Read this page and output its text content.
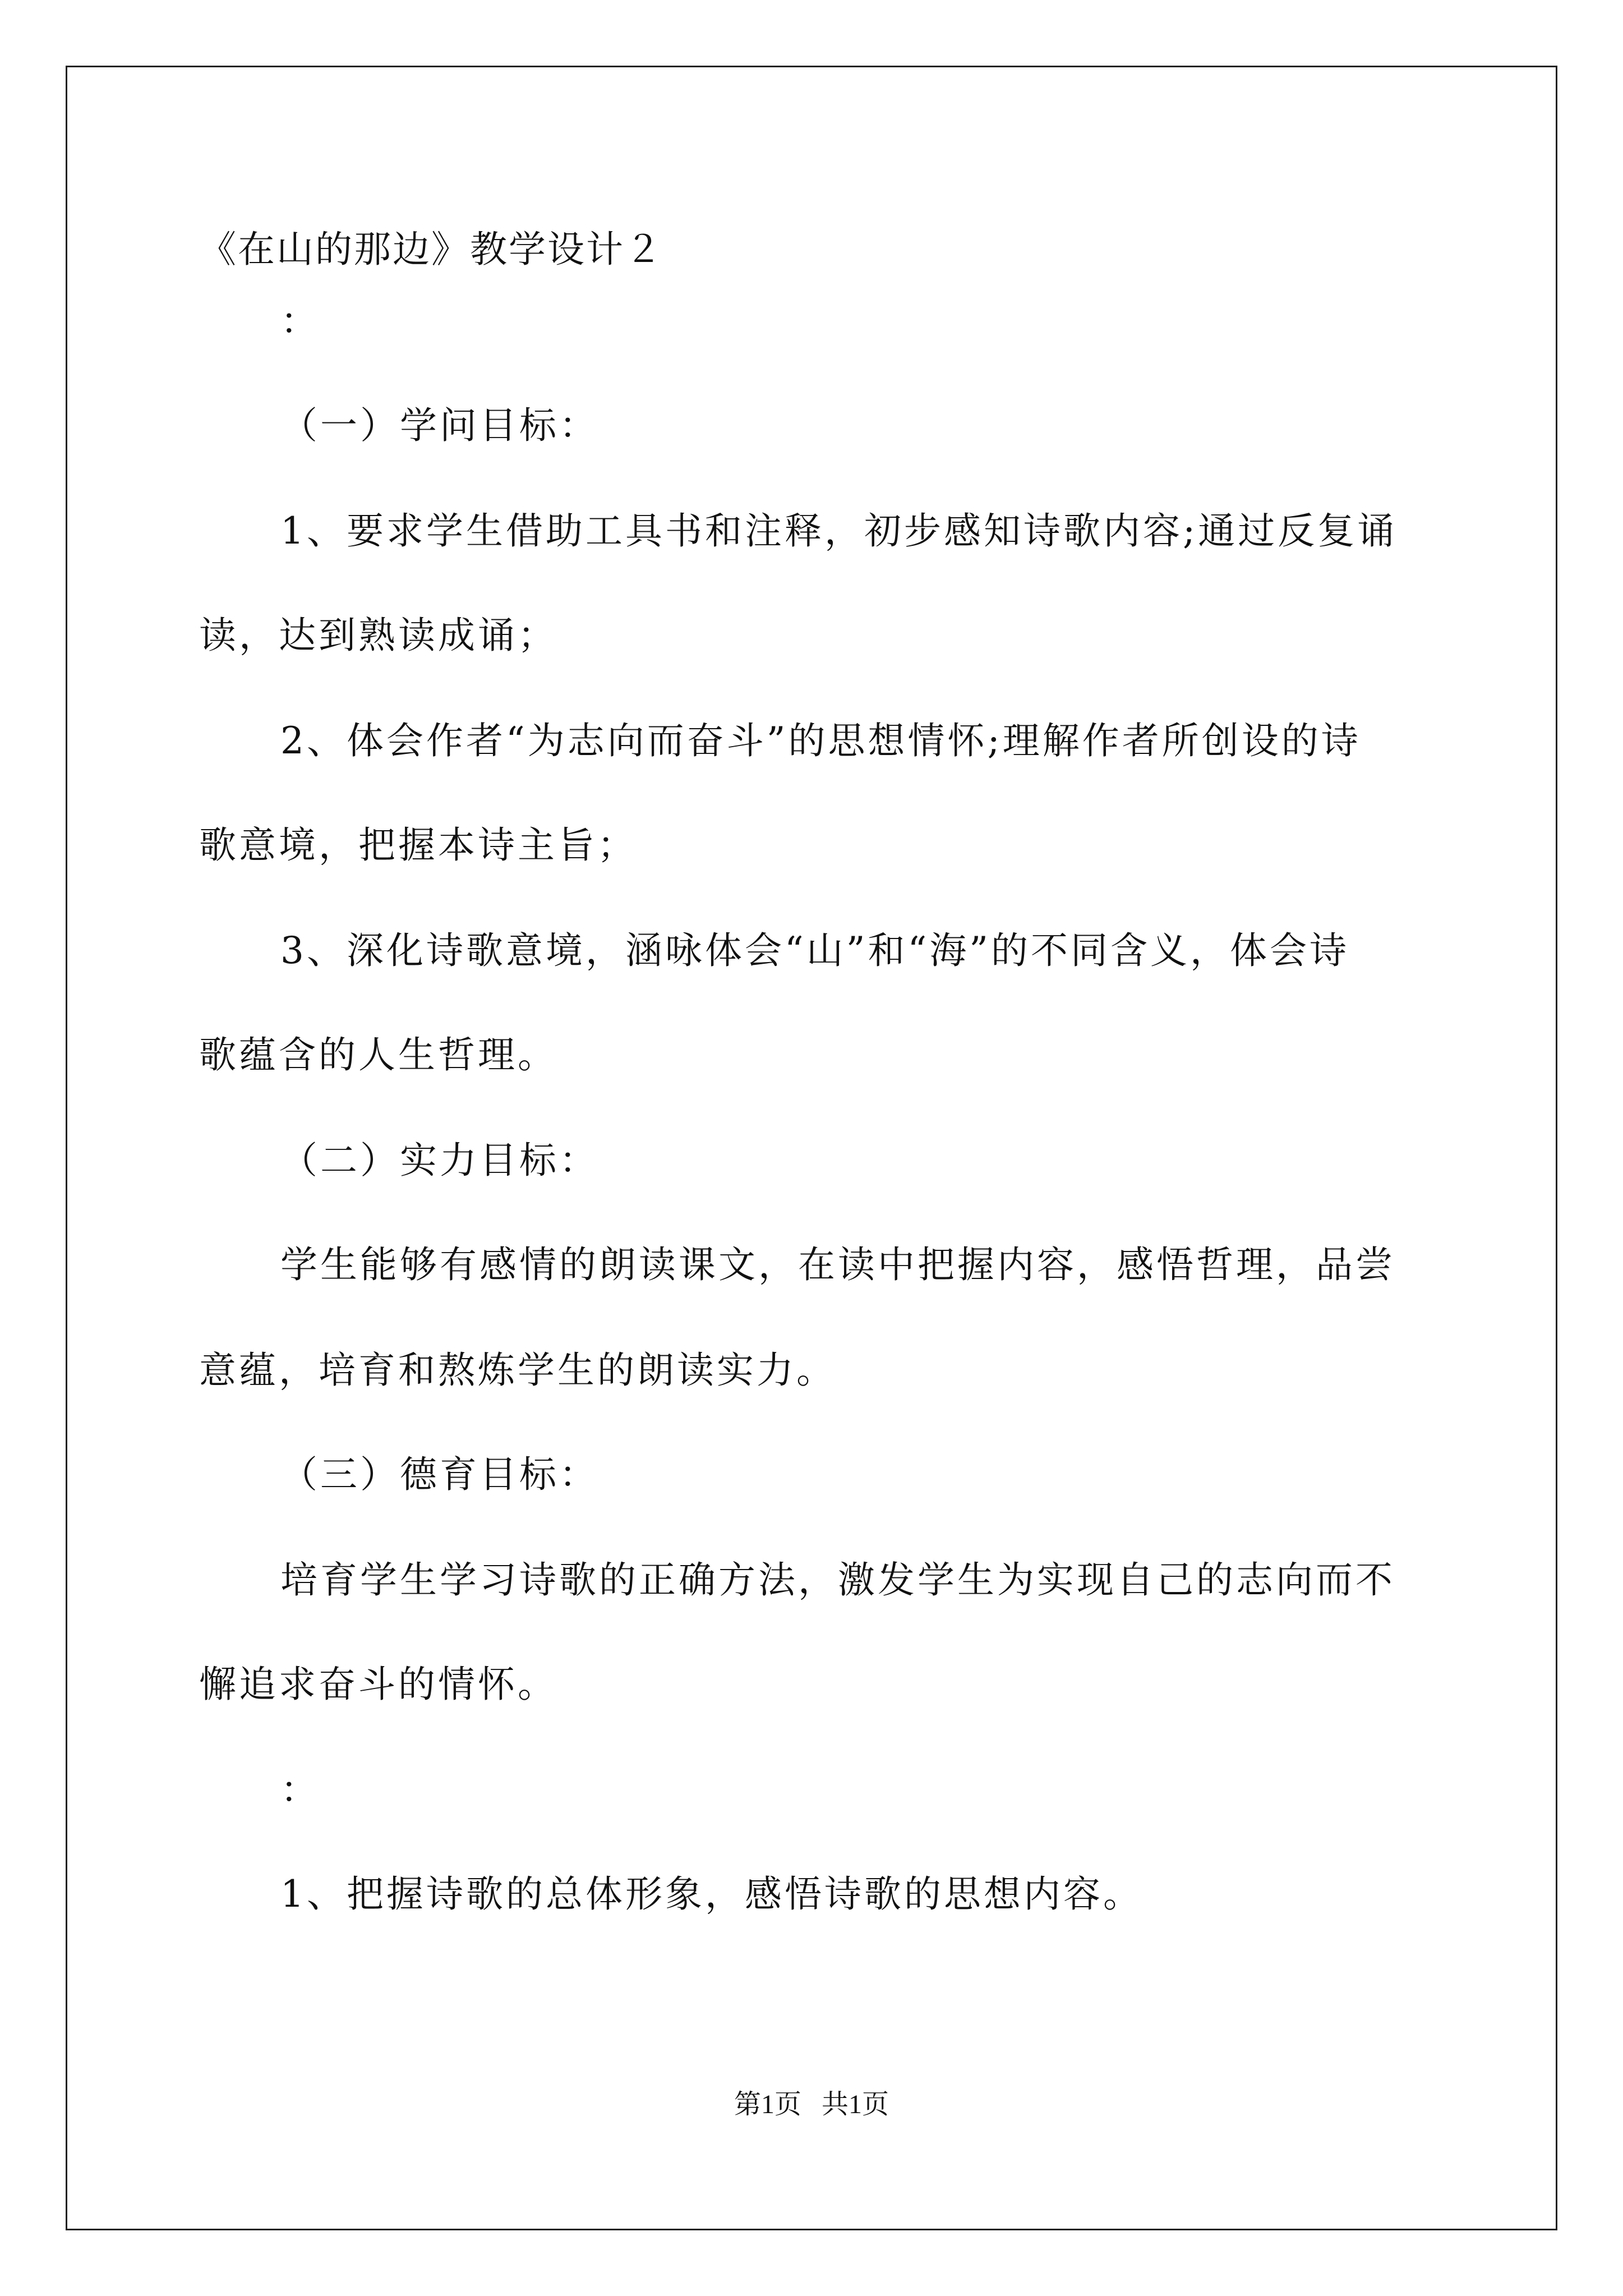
《在山的那边》教学设计２
：
（一）学问目标：
1、要求学生借助工具书和注释，初步感知诗歌内容;通过反复诵
读，达到熟读成诵；
2、体会作者“为志向而奋斗”的思想情怀;理解作者所创设的诗
歌意境，把握本诗主旨；
3、深化诗歌意境，涵咏体会“山”和“海”的不同含义，体会诗
歌蕴含的人生哲理。
（二）实力目标：
学生能够有感情的朗读课文，在读中把握内容，感悟哲理，品尝
意蕴，培育和熬炼学生的朗读实力。
（三）德育目标：
培育学生学习诗歌的正确方法，激发学生为实现自己的志向而不
懈追求奋斗的情怀。
：
1、把握诗歌的总体形象，感悟诗歌的思想内容。
第1页 共1页
